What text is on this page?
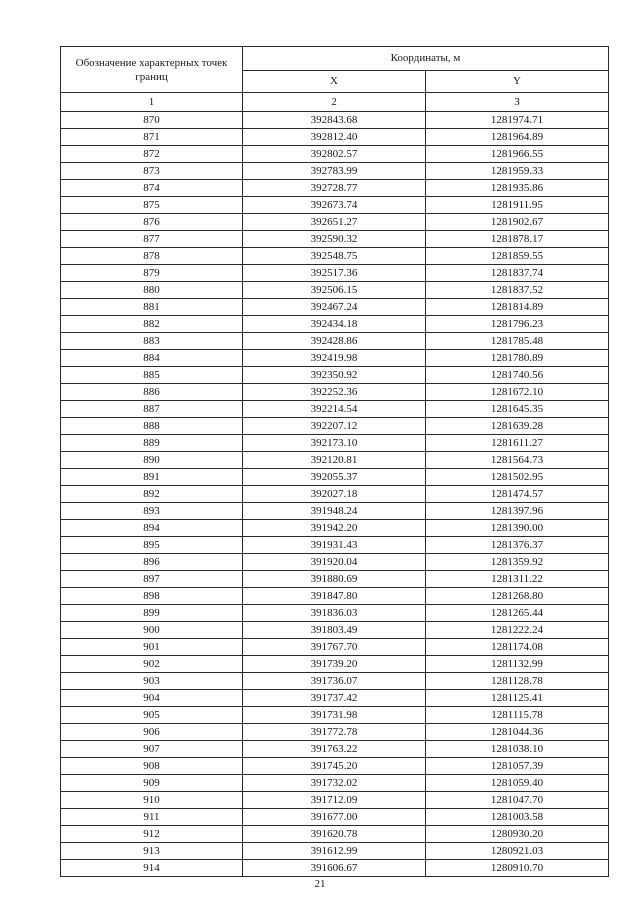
Обозначение характерных точек границ	Координаты, м	
	X	Y
1	2	3
870	392843.68	1281974.71
871	392812.40	1281964.89
872	392802.57	1281966.55
873	392783.99	1281959.33
874	392728.77	1281935.86
875	392673.74	1281911.95
876	392651.27	1281902.67
877	392590.32	1281878.17
878	392548.75	1281859.55
879	392517.36	1281837.74
880	392506.15	1281837.52
881	392467.24	1281814.89
882	392434.18	1281796.23
883	392428.86	1281785.48
884	392419.98	1281780.89
885	392350.92	1281740.56
886	392252.36	1281672.10
887	392214.54	1281645.35
888	392207.12	1281639.28
889	392173.10	1281611.27
890	392120.81	1281564.73
891	392055.37	1281502.95
892	392027.18	1281474.57
893	391948.24	1281397.96
894	391942.20	1281390.00
895	391931.43	1281376.37
896	391920.04	1281359.92
897	391880.69	1281311.22
898	391847.80	1281268.80
899	391836.03	1281265.44
900	391803.49	1281222.24
901	391767.70	1281174.08
902	391739.20	1281132.99
903	391736.07	1281128.78
904	391737.42	1281125.41
905	391731.98	1281115.78
906	391772.78	1281044.36
907	391763.22	1281038.10
908	391745.20	1281057.39
909	391732.02	1281059.40
910	391712.09	1281047.70
911	391677.00	1281003.58
912	391620.78	1280930.20
913	391612.99	1280921.03
914	391606.67	1280910.70
21
